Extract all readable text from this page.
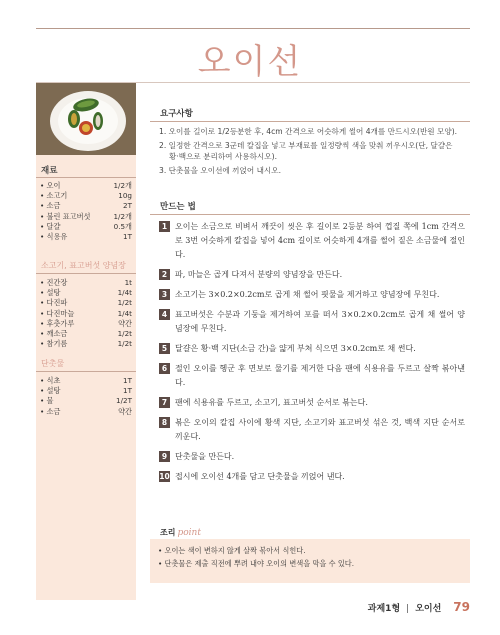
오이선
재료
• 오이	1/2개
• 소고기	10g
• 소금	2T
• 불린 표고버섯	1/2개
• 달걀	0.5개
• 식용유	1T
소고기, 표고버섯 양념장
• 진간장	1t
• 설탕	1/4t
• 다진파	1/2t
• 다진마늘	1/4t
• 후춧가루	약간
• 깨소금	1/2t
• 참기름	1/2t
단촛물
• 식초	1T
• 설탕	1T
• 물	1/2T
• 소금	약간
요구사항
1. 오이를 길이로 1/2등분한 후, 4cm 간격으로 어슷하게 썰어 4개를 만드시오(반원 모양).
2. 일정한 간격으로 3군데 칼집을 넣고 부재료를 일정량씩 색을 맞춰 끼우시오(단, 달걀은 황·백으로 분리하여 사용하시오).
3. 단촛물을 오이선에 끼얹어 내시오.
만드는 법
1 오이는 소금으로 비벼서 깨끗이 씻은 후 길이로 2등분 하여 껍질 쪽에 1cm 간격으로 3번 어슷하게 칼집을 넣어 4cm 길이로 어슷하게 4개를 썰어 짙은 소금물에 절인다.
2 파, 마늘은 곱게 다져서 분량의 양념장을 만든다.
3 소고기는 3×0.2×0.2cm로 곱게 채 썰어 핏물을 제거하고 양념장에 무친다.
4 표고버섯은 수분과 기둥을 제거하여 포를 떠서 3×0.2×0.2cm로 곱게 채 썰어 양념장에 무친다.
5 달걀은 황·백 지단(소금 간)을 얇게 부쳐 식으면 3×0.2cm로 채 썬다.
6 절인 오이를 헹군 후 면보로 물기를 제거한 다음 팬에 식용유를 두르고 살짝 볶아낸다.
7 팬에 식용유를 두르고, 소고기, 표고버섯 순서로 볶는다.
8 볶은 오이의 칼집 사이에 황색 지단, 소고기와 표고버섯 섞은 것, 백색 지단 순서로 끼운다.
9 단촛물을 만든다.
10 접시에 오이선 4개를 담고 단촛물을 끼얹어 낸다.
조리 point
• 오이는 색이 변하지 않게 살짝 볶아서 식힌다.
• 단촛물은 제출 직전에 뿌려 내야 오이의 변색을 막을 수 있다.
과제1형 | 오이선 79
